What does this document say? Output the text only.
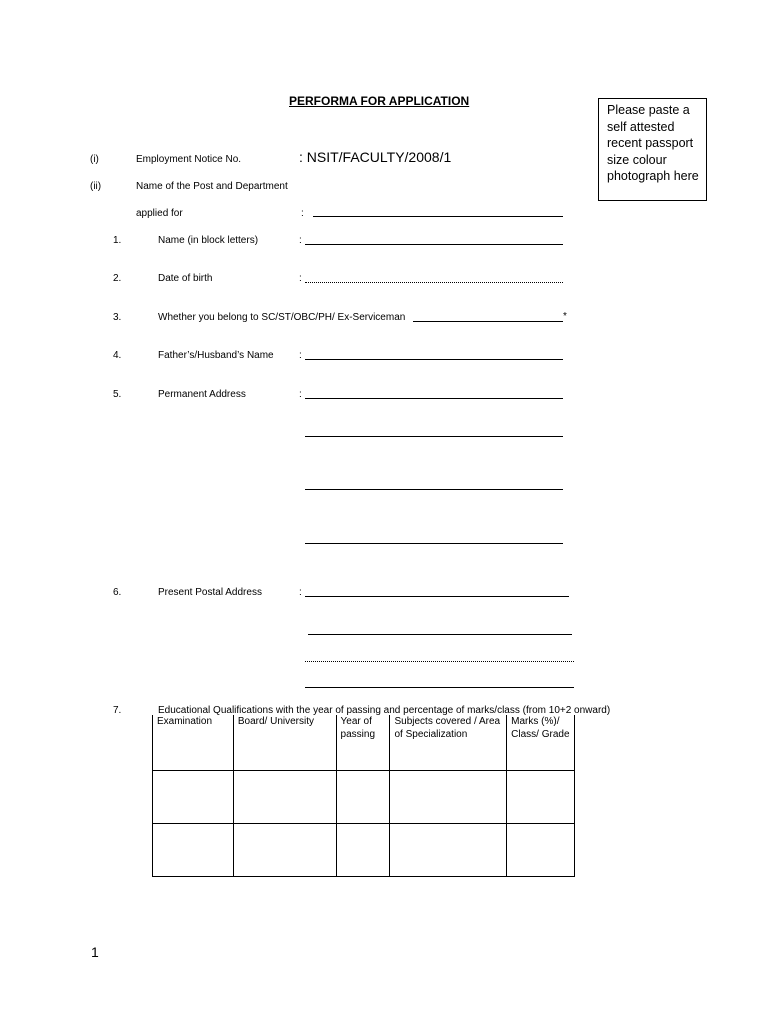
PERFORMA FOR APPLICATION
Please paste a self attested recent passport size colour photograph here
(i)	Employment Notice No.	: NSIT/FACULTY/2008/1
(ii)	Name of the Post and Department
applied for	:
1.	Name (in block letters)	:
2.	Date of birth	:
3.	Whether you belong to SC/ST/OBC/PH/ Ex-Serviceman	*
4.	Father’s/Husband’s Name	:
5.	Permanent Address	:
6.	Present Postal Address	:
7.	Educational Qualifications with the year of passing and percentage of marks/class (from 10+2 onward)
Examination	Board/ University	Year of passing	Subjects covered / Area of Specialization	Marks (%)/ Class/ Grade

1
